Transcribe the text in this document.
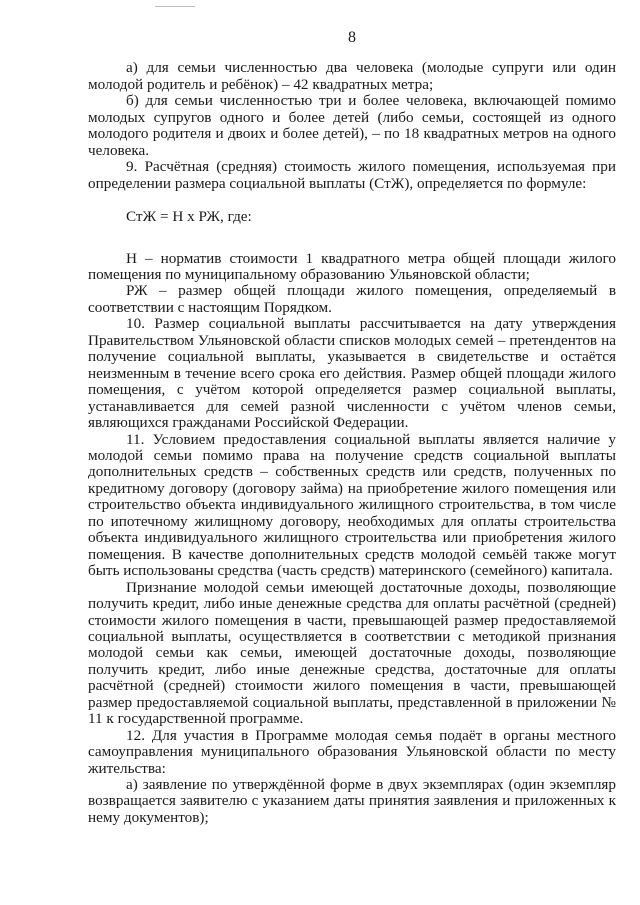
8

а) для семьи численностью два человека (молодые супруги или один молодой родитель и ребёнок) – 42 квадратных метра;

б) для семьи численностью три и более человека, включающей помимо молодых супругов одного и более детей (либо семьи, состоящей из одного молодого родителя и двоих и более детей), – по 18 квадратных метров на одного человека.

9. Расчётная (средняя) стоимость жилого помещения, используемая при определении размера социальной выплаты (СтЖ), определяется по формуле:

СтЖ = Н х РЖ, где:

Н – норматив стоимости 1 квадратного метра общей площади жилого помещения по муниципальному образованию Ульяновской области;

РЖ – размер общей площади жилого помещения, определяемый в соответствии с настоящим Порядком.

10. Размер социальной выплаты рассчитывается на дату утверждения Правительством Ульяновской области списков молодых семей – претендентов на получение социальной выплаты, указывается в свидетельстве и остаётся неизменным в течение всего срока его действия. Размер общей площади жилого помещения, с учётом которой определяется размер социальной выплаты, устанавливается для семей разной численности с учётом членов семьи, являющихся гражданами Российской Федерации.

11. Условием предоставления социальной выплаты является наличие у молодой семьи помимо права на получение средств социальной выплаты дополнительных средств – собственных средств или средств, полученных по кредитному договору (договору займа) на приобретение жилого помещения или строительство объекта индивидуального жилищного строительства, в том числе по ипотечному жилищному договору, необходимых для оплаты строительства объекта индивидуального жилищного строительства или приобретения жилого помещения. В качестве дополнительных средств молодой семьёй также могут быть использованы средства (часть средств) материнского (семейного) капитала.

Признание молодой семьи имеющей достаточные доходы, позволяющие получить кредит, либо иные денежные средства для оплаты расчётной (средней) стоимости жилого помещения в части, превышающей размер предоставляемой социальной выплаты, осуществляется в соответствии с методикой признания молодой семьи как семьи, имеющей достаточные доходы, позволяющие получить кредит, либо иные денежные средства, достаточные для оплаты расчётной (средней) стоимости жилого помещения в части, превышающей размер предоставляемой социальной выплаты, представленной в приложении № 11 к государственной программе.

12. Для участия в Программе молодая семья подаёт в органы местного самоуправления муниципального образования Ульяновской области по месту жительства:

а) заявление по утверждённой форме в двух экземплярах (один экземпляр возвращается заявителю с указанием даты принятия заявления и приложенных к нему документов);
